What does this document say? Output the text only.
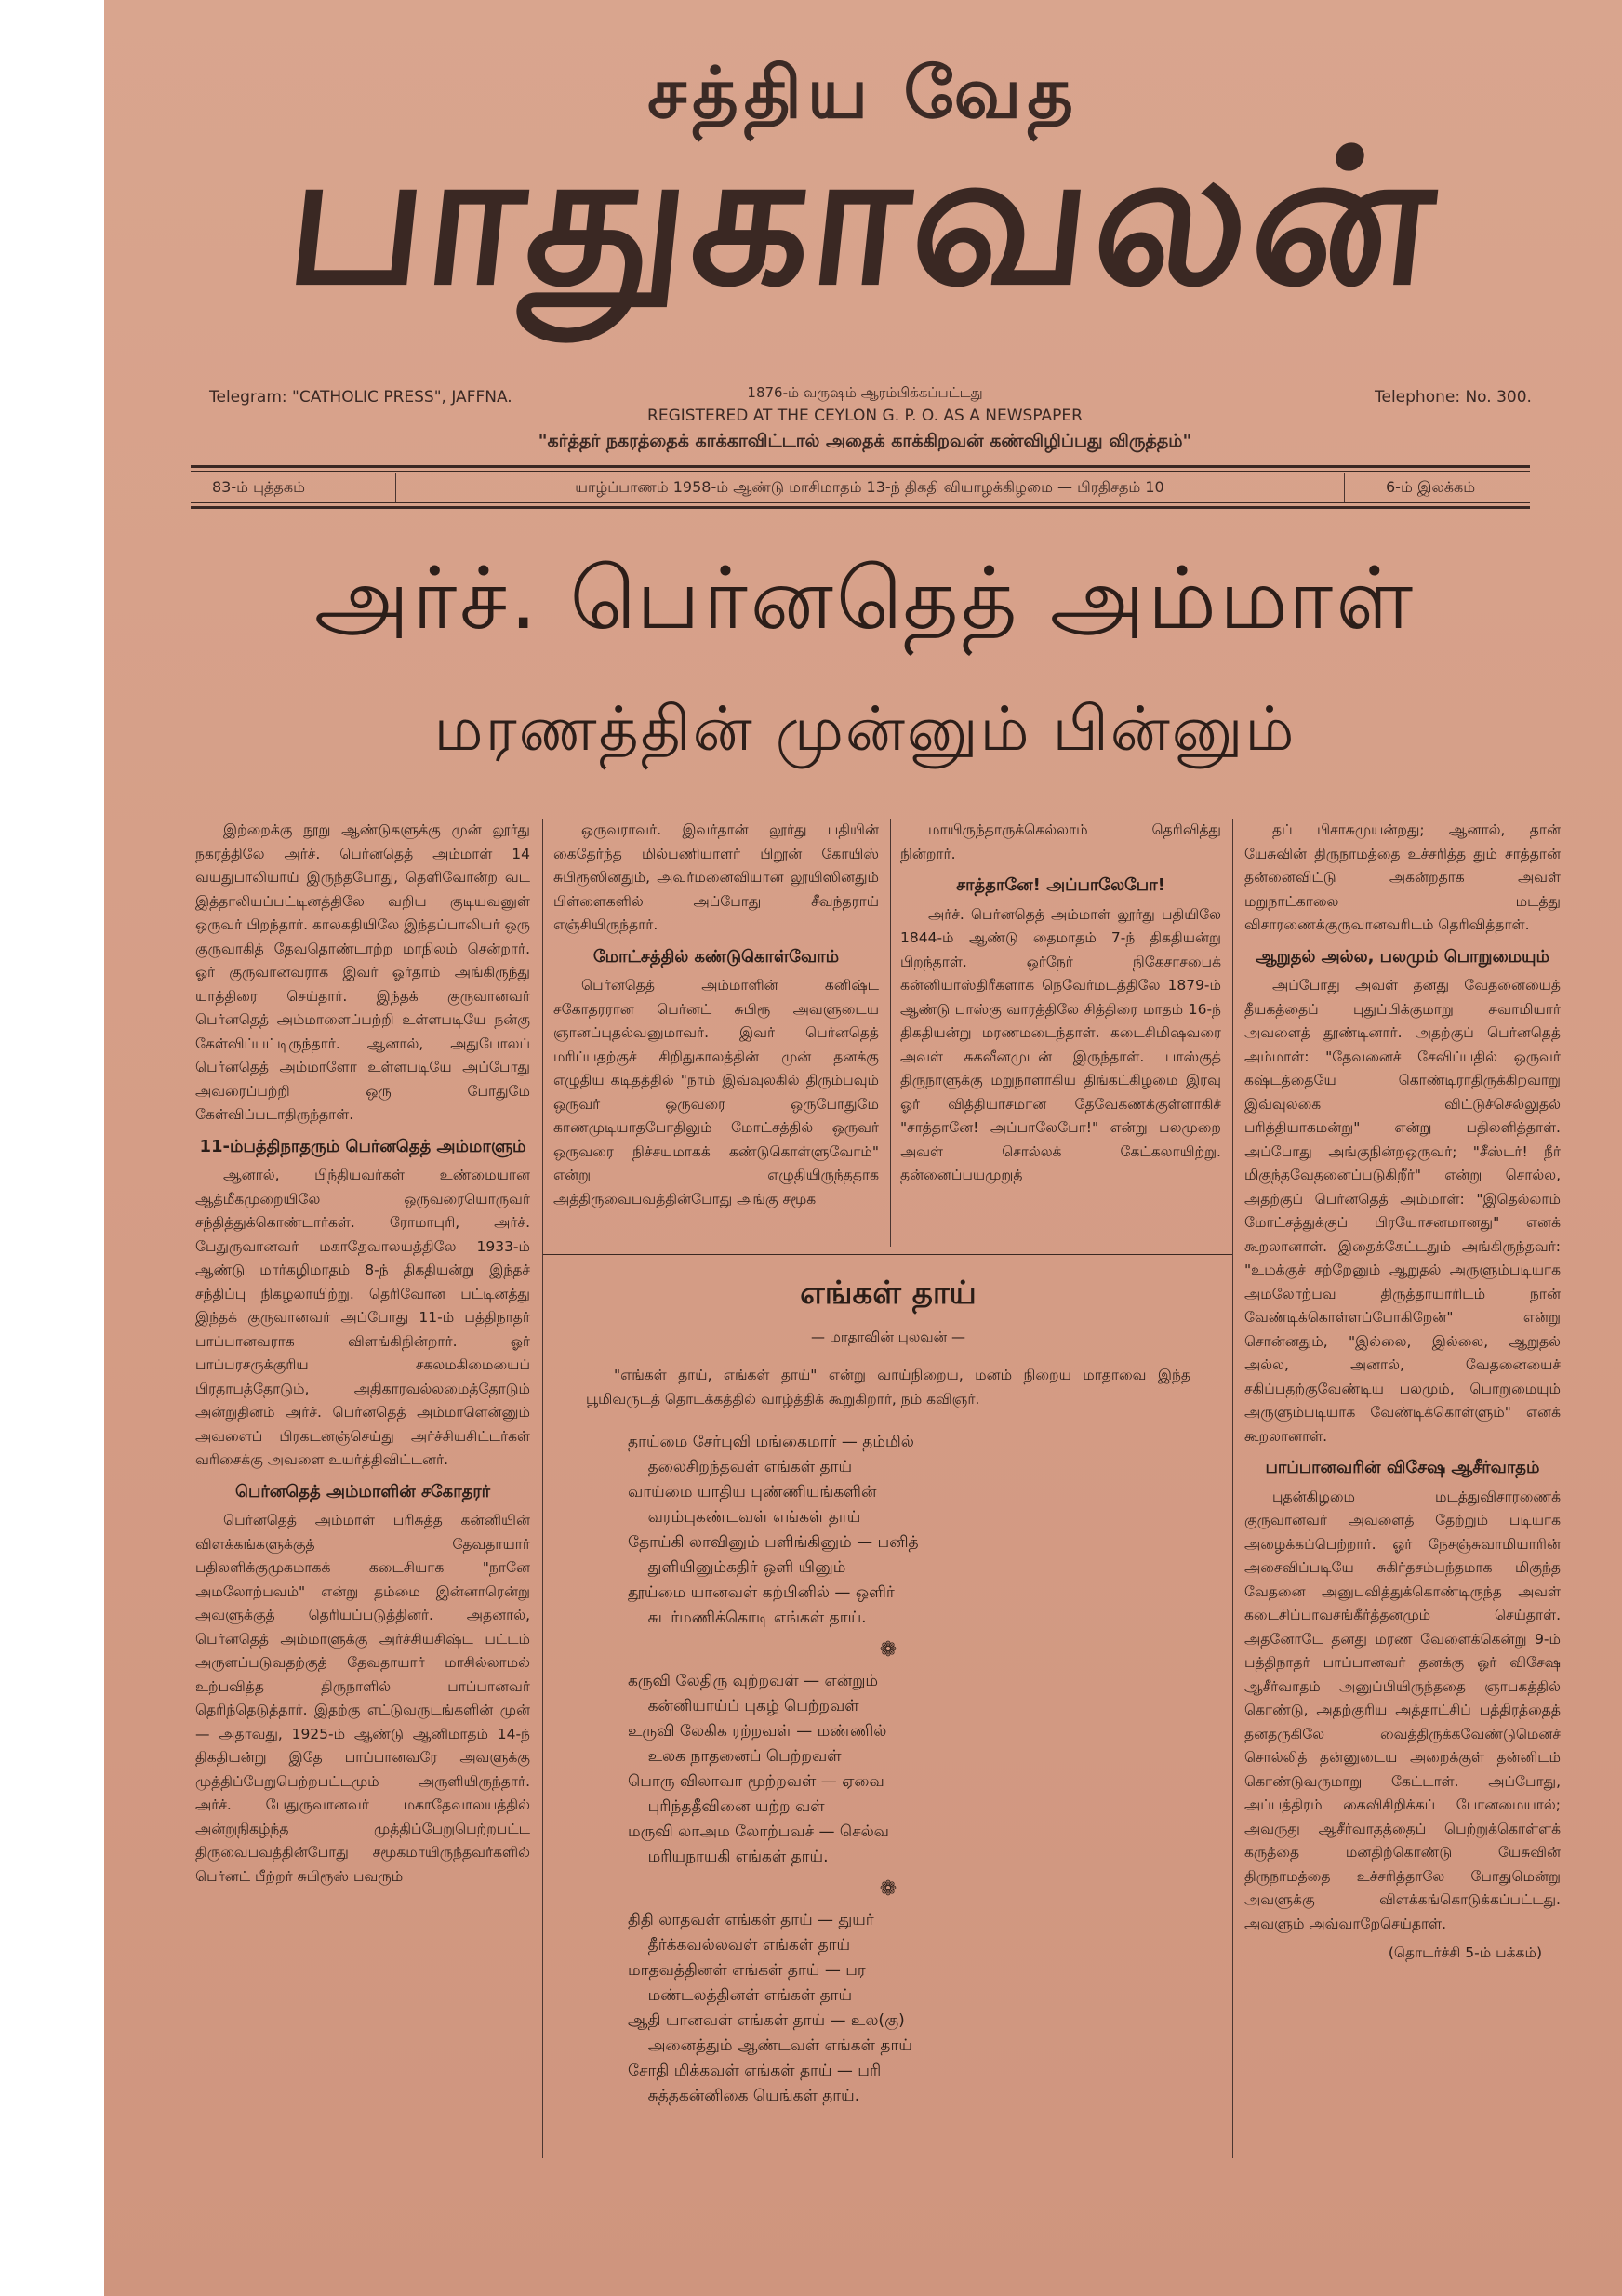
சத்திய வேத
பாதுகாவலன்
Telegram: "CATHOLIC PRESS", JAFFNA.	1876-ம் வருஷம் ஆரம்பிக்கப்பட்டது
REGISTERED AT THE CEYLON G. P. O. AS A NEWSPAPER
Telephone: No. 300.
"கர்த்தர் நகரத்தைக் காக்காவிட்டால் அதைக் காக்கிறவன் கண்விழிப்பது விருத்தம்"
83-ம் புத்தகம்	யாழ்ப்பாணம் 1958-ம் ஆண்டு மாசிமாதம் 13-ந் திகதி வியாழக்கிழமை — பிரதிசதம் 10	6-ம் இலக்கம்
அர்ச். பெர்னதெத் அம்மாள்
மரணத்தின் முன்னும் பின்னும்

இற்றைக்கு நூறு ஆண்டுகளுக்கு முன் லூர்து நகரத்திலே அர்ச். பெர்னதெத் அம்மாள் 14 வயதுபாலியாய் இருந்தபோது, தெளிவோன்ற வட இத்தாலியப்பட்டினத்திலே வறிய குடியவனுள் ஒருவர் பிறந்தார். காலகதியிலே இந்தப்பாலியர் ஒரு குருவாகித் தேவதொண்டாற்ற மாநிலம் சென்றார். ஓர் குருவானவராக இவர் ஓர்தாம் அங்கிருந்து யாத்திரை செய்தார். இந்தக் குருவானவர் பெர்னதெத் அம்மாளைப்பற்றி உள்ளபடியே நன்கு கேள்விப்பட்டிருந்தார். ஆனால், அதுபோலப் பெர்னதெத் அம்மாளோ உள்ளபடியே அப்போது அவரைப்பற்றி ஒரு போதுமே கேள்விப்படாதிருந்தாள்.

11-ம்பத்திநாதரும் பெர்னதெத் அம்மாளும்

ஆனால், பிந்தியவர்கள் உண்மையான ஆத்மீகமுறையிலே ஒருவரையொருவர் சந்தித்துக்கொண்டார்கள். ரோமாபுரி, அர்ச். பேதுருவானவர் மகாதேவாலயத்திலே 1933-ம் ஆண்டு மார்கழிமாதம் 8-ந் திகதியன்று இந்தச் சந்திப்பு நிகழலாயிற்று. தெரிவோன பட்டினத்து இந்தக் குருவானவர் அப்போது 11-ம் பத்திநாதர் பாப்பானவராக விளங்கிநின்றார். ஓர் பாப்பரசருக்குரிய சகலமகிமையைப் பிரதாபத்தோடும், அதிகாரவல்லமைத்தோடும் அன்றுதினம் அர்ச். பெர்னதெத் அம்மாளென்னும் அவளைப் பிரகடனஞ்செய்து அர்ச்சியசிட்டர்கள் வரிசைக்கு அவளை உயர்த்திவிட்டனர்.

பெர்னதெத் அம்மாளின் சகோதரர்

பெர்னதெத் அம்மாள் பரிசுத்த கன்னியின் விளக்கங்களுக்குத் தேவதாயார் பதிலளிக்குமுகமாகக் கடைசியாக "நானே அமலோற்பவம்" என்று தம்மை இன்னாரென்று அவளுக்குத் தெரியப்படுத்தினர். அதனால், பெர்னதெத் அம்மாளுக்கு அர்ச்சியசிஷ்ட பட்டம் அருளப்படுவதற்குத் தேவதாயார் மாசில்லாமல் உற்பவித்த திருநாளில் பாப்பானவர் தெரிந்தெடுத்தார். இதற்கு எட்டுவருடங்களின் முன் — அதாவது, 1925-ம் ஆண்டு ஆனிமாதம் 14-ந் திகதியன்று இதே பாப்பானவரே அவளுக்கு முத்திப்பேறுபெற்றபட்டமும் அருளியிருந்தார். அர்ச். பேதுருவானவர் மகாதேவாலயத்தில் அன்றுநிகழ்ந்த முத்திப்பேறுபெற்றபட்ட திருவைபவத்தின்போது சமூகமாயிருந்தவர்களில் பெர்னட் பீற்றர் சுபிரூஸ் பவரும்

ஒருவராவர். இவர்தான் லூர்து பதியின் கைதேர்ந்த மில்பணியாளர் பிறூன் கோயிஸ் சுபிரூஸினதும், அவர்மனைவியான லூயிஸினதும் பிள்ளைகளில் அப்போது சீவந்தராய் எஞ்சியிருந்தார்.

மோட்சத்தில் கண்டுகொள்வோம்

பெர்னதெத் அம்மாளின் கனிஷ்ட சகோதரரான பெர்னட் சுபிரூ அவளுடைய ஞானப்புதல்வனுமாவர். இவர் பெர்னதெத் மரிப்பதற்குச் சிறிதுகாலத்தின் முன் தனக்கு எழுதிய கடிதத்தில் "நாம் இவ்வுலகில் திரும்பவும் ஒருவர் ஒருவரை ஒருபோதுமே காணமுடியாதபோதிலும் மோட்சத்தில் ஒருவர் ஒருவரை நிச்சயமாகக் கண்டுகொள்ளுவோம்" என்று எழுதியிருந்ததாக அத்திருவைபவத்தின்போது அங்கு சமூக

மாயிருந்தாருக்கெல்லாம் தெரிவித்து நின்றார்.

சாத்தானே! அப்பாலேபோ!

அர்ச். பெர்னதெத் அம்மாள் லூர்து பதியிலே 1844-ம் ஆண்டு தைமாதம் 7-ந் திகதியன்று பிறந்தாள். ஒர்நேர் நிகேசாசபைக் கன்னியாஸ்திரீகளாக நெவேர்மடத்திலே 1879-ம் ஆண்டு பாஸ்கு வாரத்திலே சித்திரை மாதம் 16-ந் திகதியன்று மரணமடைந்தாள். கடைசிமிஷவரை அவள் சுகவீனமுடன் இருந்தாள். பாஸ்குத் திருநாளுக்கு மறுநாளாகிய திங்கட்கிழமை இரவு ஓர் வித்தியாசமான தேவேகணக்குள்ளாகிச் "சாத்தானே! அப்பாலேபோ!" என்று பலமுறை அவள் சொல்லக் கேட்கலாயிற்று. தன்னைப்பயமுறுத்

தப் பிசாசுமுயன்றது; ஆனால், தான் யேசுவின் திருநாமத்தை உச்சரித்த தும் சாத்தான் தன்னைவிட்டு அகன்றதாக அவள் மறுநாட்காலை மடத்து விசாரணைக்குருவானவரிடம் தெரிவித்தாள்.

ஆறுதல் அல்ல, பலமும் பொறுமையும்

அப்போது அவள் தனது வேதனையைத் தீயகத்தைப் புதுப்பிக்குமாறு சுவாமியார் அவளைத் தூண்டினார். அதற்குப் பெர்னதெத் அம்மாள்: "தேவனைச் சேவிப்பதில் ஒருவர் கஷ்டத்தையே கொண்டிராதிருக்கிறவாறு இவ்வுலகை விட்டுச்செல்லுதல் பரித்தியாகமன்று" என்று பதிலளித்தாள். அப்போது அங்குநின்றஒருவர்; "சீஸ்டர்! நீர் மிகுந்தவேதனைப்படுகிறீர்" என்று சொல்ல, அதற்குப் பெர்னதெத் அம்மாள்: "இதெல்லாம் மோட்சத்துக்குப் பிரயோசனமானது" எனக் கூறலானாள். இதைக்கேட்டதும் அங்கிருந்தவர்: "உமக்குச் சற்றேனும் ஆறுதல் அருளும்படியாக அமலோற்பவ திருத்தாயாரிடம் நான் வேண்டிக்கொள்ளப்போகிறேன்" என்று சொன்னதும், "இல்லை, இல்லை, ஆறுதல் அல்ல, அனால், வேதனையைச் சகிப்பதற்குவேண்டிய பலமும், பொறுமையும் அருளும்படியாக வேண்டிக்கொள்ளும்" எனக் கூறலானாள்.

பாப்பானவரின் விசேஷ ஆசீர்வாதம்

புதன்கிழமை மடத்துவிசாரணைக் குருவானவர் அவளைத் தேற்றும் படியாக அழைக்கப்பெற்றார். ஓர் நேசஞ்சுவாமியாரின் அசைவிப்படியே சுகிர்தசம்பந்தமாக மிகுந்த வேதனை அனுபவித்துக்கொண்டிருந்த அவள் கடைசிப்பாவசங்கீர்த்தனமும் செய்தாள். அதனோடே தனது மரண வேளைக்கென்று 9-ம் பத்திநாதர் பாப்பானவர் தனக்கு ஓர் விசேஷ ஆசீர்வாதம் அனுப்பியிருந்ததை ஞாபகத்தில் கொண்டு, அதற்குரிய அத்தாட்சிப் பத்திரத்தைத் தனதருகிலே வைத்திருக்கவேண்டுமெனச் சொல்லித் தன்னுடைய அறைக்குள் தன்னிடம் கொண்டுவருமாறு கேட்டாள். அப்போது, அப்பத்திரம் கைவிசிறிக்கப் போனமையால்; அவருது ஆசீர்வாதத்தைப் பெற்றுக்கொள்ளக் கருத்தை மனதிற்கொண்டு யேசுவின் திருநாமத்தை உச்சரித்தாலே போதுமென்று அவளுக்கு விளக்கங்கொடுக்கப்பட்டது. அவளும் அவ்வாறேசெய்தாள்.

(தொடர்ச்சி 5-ம் பக்கம்)
எங்கள் தாய்
— மாதாவின் புலவன் —

"எங்கள் தாய், எங்கள் தாய்" என்று வாய்நிறைய, மனம் நிறைய மாதாவை இந்த பூமிவருடத் தொடக்கத்தில் வாழ்த்திக் கூறுகிறார், நம் கவிஞர்.

தாய்மை சேர்புவி மங்கைமார் — தம்மில்
தலைசிறந்தவள் எங்கள் தாய்
வாய்மை யாதிய புண்ணியங்களின்
வரம்புகண்டவள் எங்கள் தாய்
தோய்கி லாவினும் பளிங்கினும் — பனித்
துளியினும்கதிர் ஒளி யினும்
தூய்மை யானவள் கற்பினில் — ஒளிர்
சுடர்மணிக்கொடி எங்கள் தாய்.
❁
கருவி லேதிரு வுற்றவள் — என்றும்
கன்னியாய்ப் புகழ் பெற்றவள்
உருவி லேகிக ரற்றவள் — மண்ணில்
உலக நாதனைப் பெற்றவள்
பொரு விலாவா மூற்றவள் — ஏவை
புரிந்ததீவினை யற்ற வள்
மருவி லாஅம லோற்பவச் — செல்வ
மரியநாயகி எங்கள் தாய்.
❁
திதி லாதவள் எங்கள் தாய் — துயர்
தீர்க்கவல்லவள் எங்கள் தாய்
மாதவத்தினள் எங்கள் தாய் — பர
மண்டலத்தினள் எங்கள் தாய்
ஆதி யானவள் எங்கள் தாய் — உல(கு)
அனைத்தும் ஆண்டவள் எங்கள் தாய்
சோதி மிக்கவள் எங்கள் தாய் — பரி
சுத்தகன்னிகை யெங்கள் தாய்.
